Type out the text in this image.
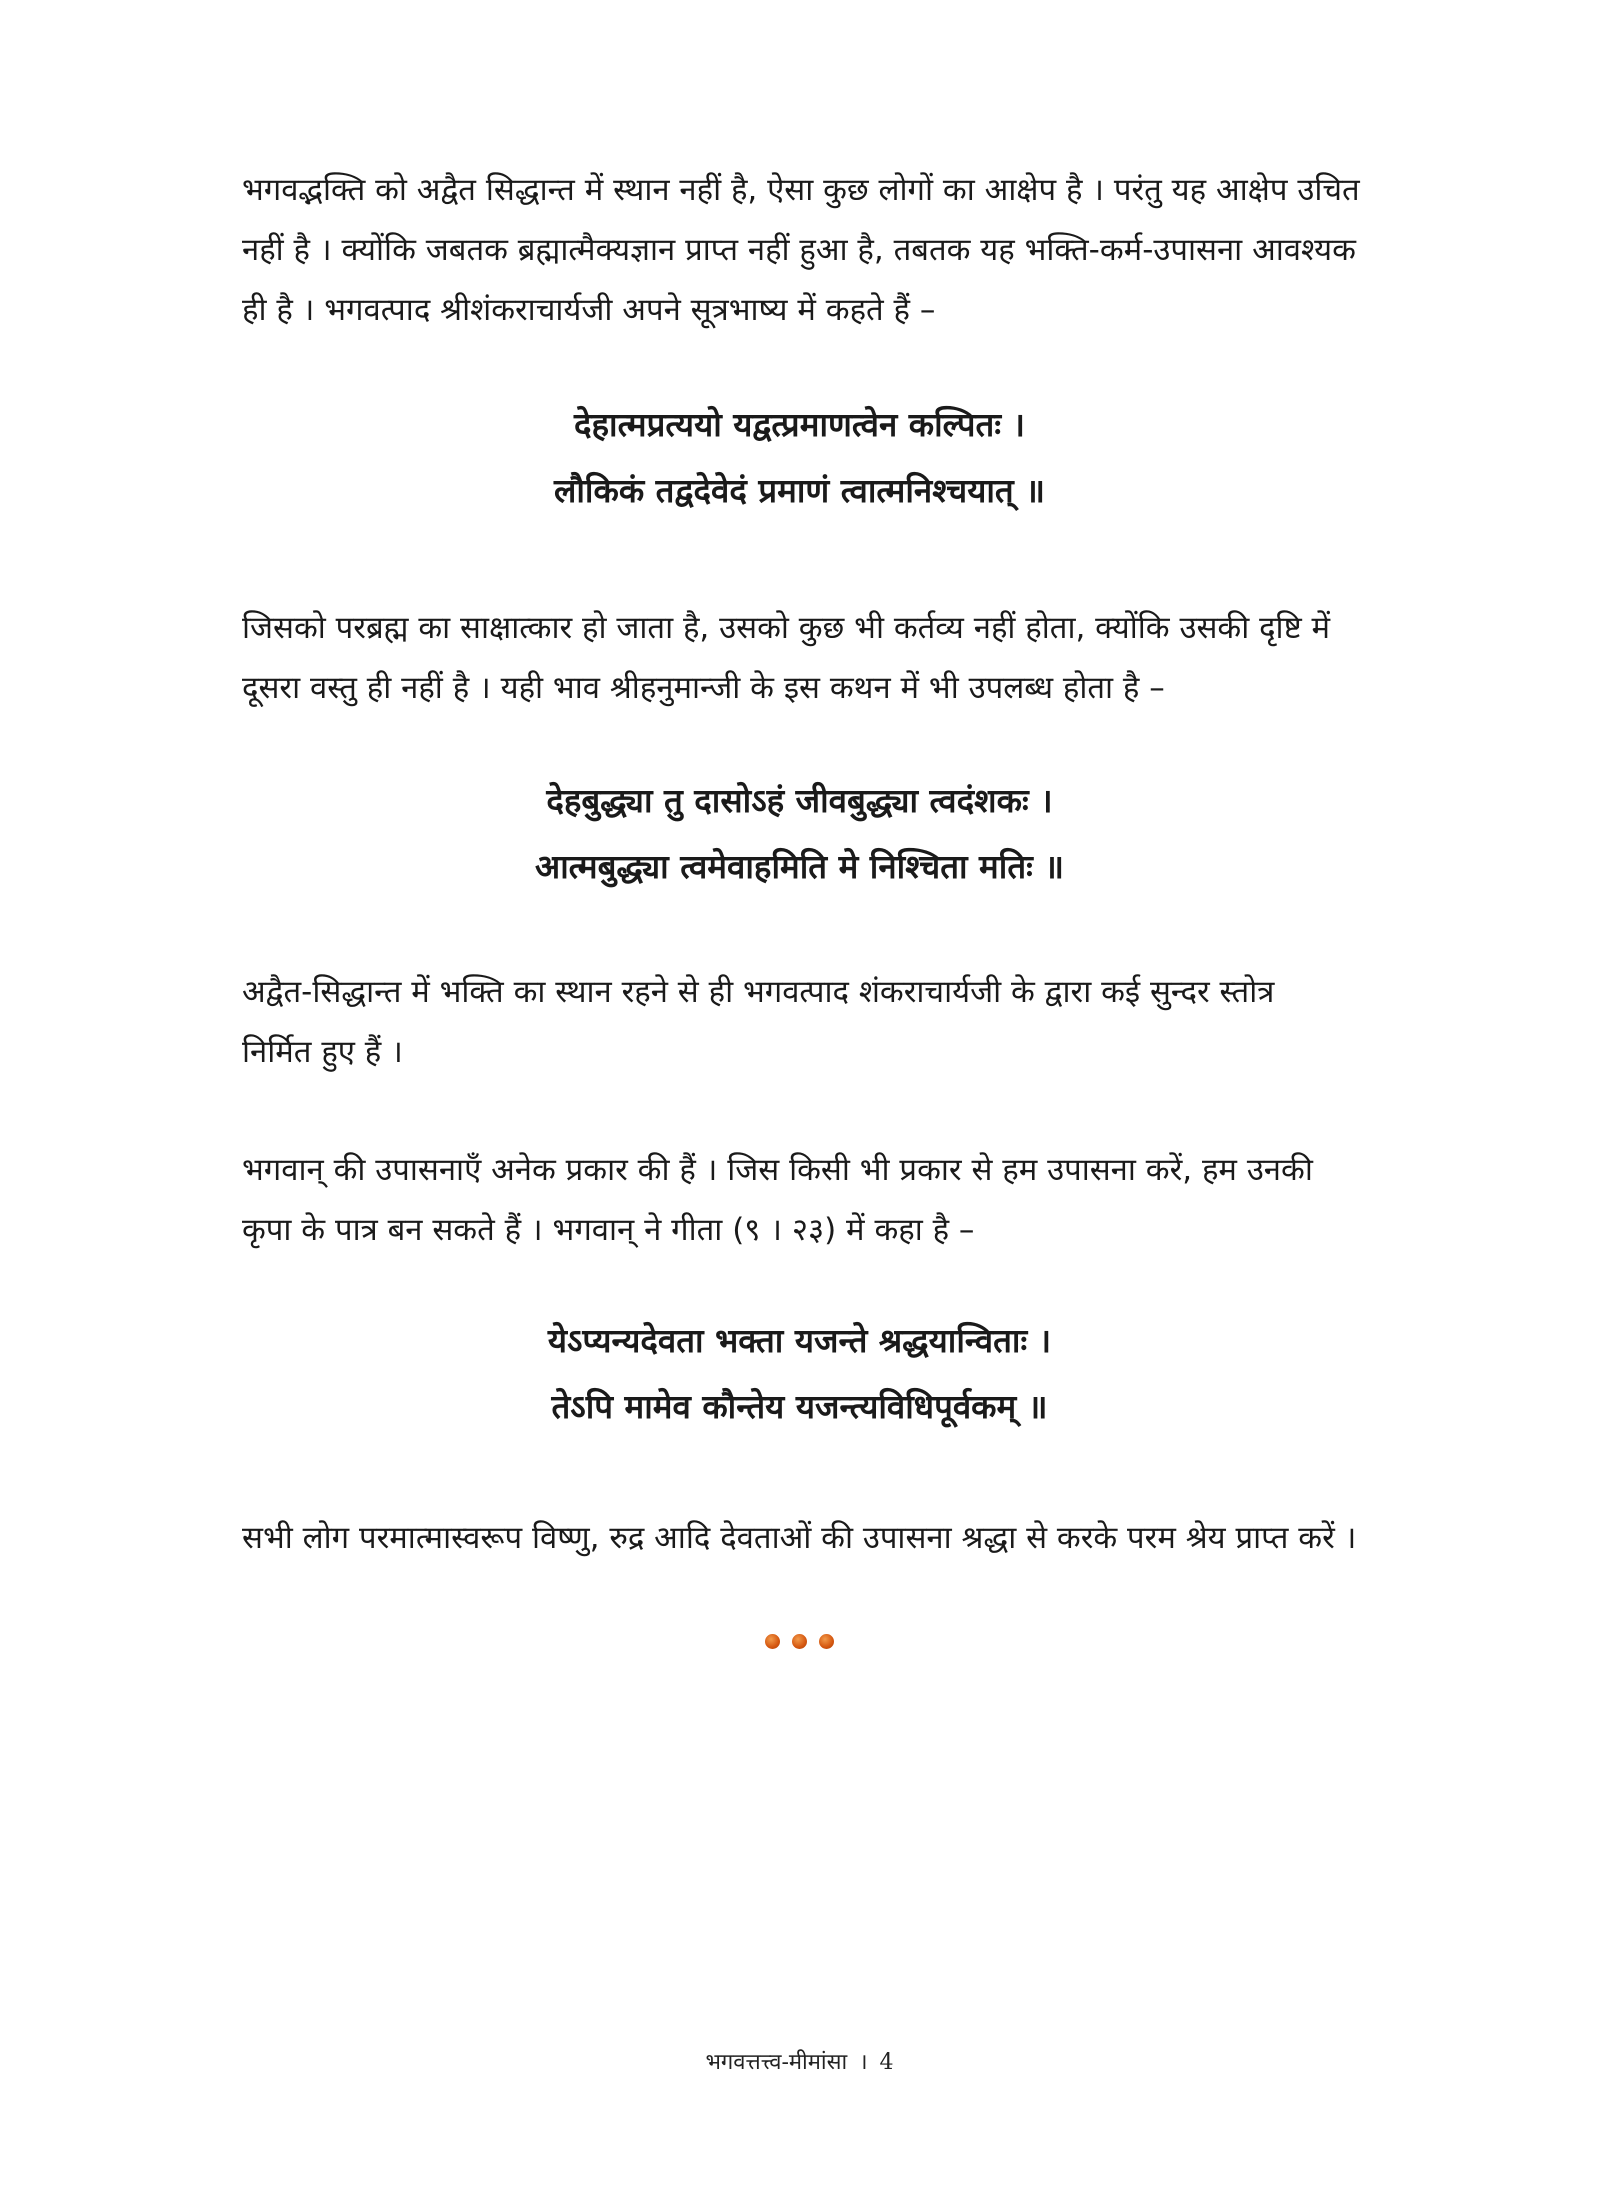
भगवद्भक्ति को अद्वैत सिद्धान्त में स्थान नहीं है, ऐसा कुछ लोगों का आक्षेप है । परंतु यह आक्षेप उचित
नहीं है । क्योंकि जबतक ब्रह्मात्मैक्यज्ञान प्राप्त नहीं हुआ है, तबतक यह भक्ति-कर्म-उपासना आवश्यक
ही है । भगवत्पाद श्रीशंकराचार्यजी अपने सूत्रभाष्य में कहते हैं –
देहात्मप्रत्ययो यद्वत्प्रमाणत्वेन कल्पितः ।
लौकिकं तद्वदेवेदं प्रमाणं त्वात्मनिश्चयात् ॥
जिसको परब्रह्म का साक्षात्कार हो जाता है, उसको कुछ भी कर्तव्य नहीं होता, क्योंकि उसकी दृष्टि में
दूसरा वस्तु ही नहीं है । यही भाव श्रीहनुमान्जी के इस कथन में भी उपलब्ध होता है –
देहबुद्ध्या तु दासोऽहं जीवबुद्ध्या त्वदंशकः ।
आत्मबुद्ध्या त्वमेवाहमिति मे निश्चिता मतिः ॥
अद्वैत-सिद्धान्त में भक्ति का स्थान रहने से ही भगवत्पाद शंकराचार्यजी के द्वारा कई सुन्दर स्तोत्र
निर्मित हुए हैं ।
भगवान् की उपासनाएँ अनेक प्रकार की हैं । जिस किसी भी प्रकार से हम उपासना करें, हम उनकी
कृपा के पात्र बन सकते हैं । भगवान् ने गीता (९ । २३) में कहा है –
येऽप्यन्यदेवता भक्ता यजन्ते श्रद्धयान्विताः ।
तेऽपि मामेव कौन्तेय यजन्त्यविधिपूर्वकम् ॥
सभी लोग परमात्मास्वरूप विष्णु, रुद्र आदि देवताओं की उपासना श्रद्धा से करके परम श्रेय प्राप्त करें ।
भगवत्तत्त्व-मीमांसा । 4
